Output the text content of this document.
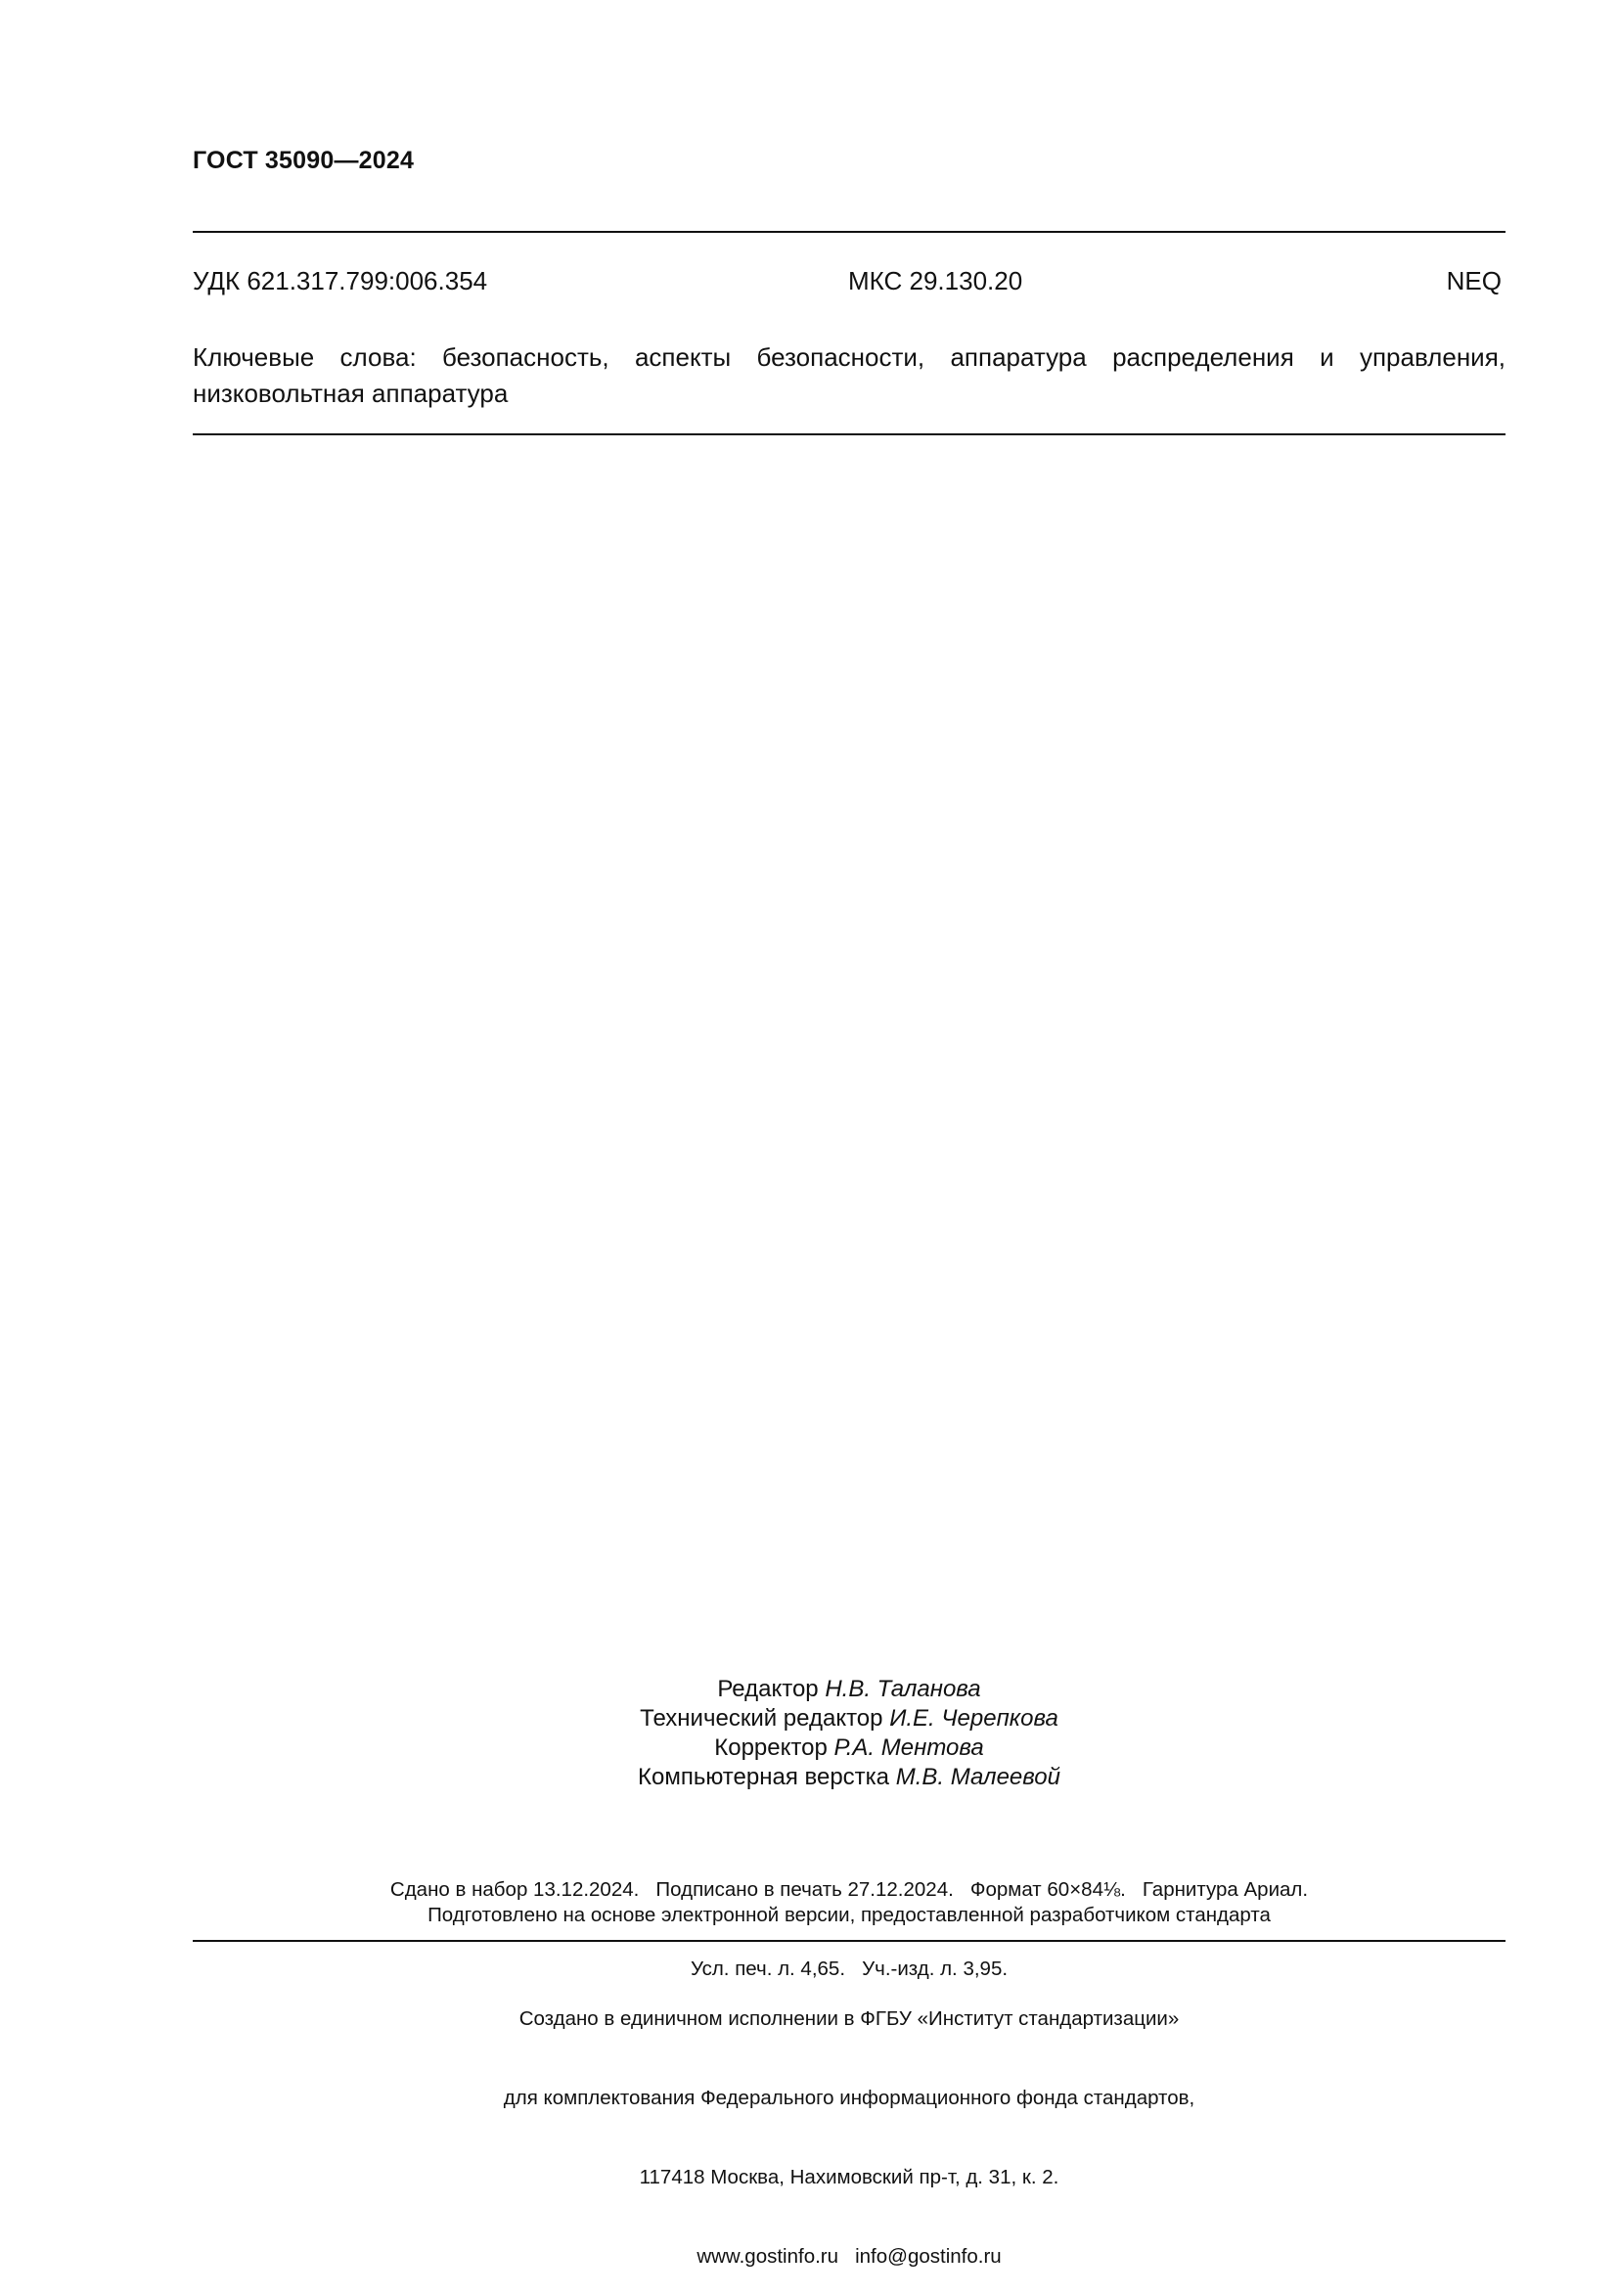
ГОСТ 35090—2024
УДК 621.317.799:006.354	МКС 29.130.20	NEQ
Ключевые слова: безопасность, аспекты безопасности, аппаратура распределения и управления, низковольтная аппаратура
Редактор Н.В. Таланова
Технический редактор И.Е. Черепкова
Корректор Р.А. Ментова
Компьютерная верстка М.В. Малеевой

Сдано в набор 13.12.2024.   Подписано в печать 27.12.2024.   Формат 60×84⅛.   Гарнитура Ариал.

Усл. печ. л. 4,65.   Уч.-изд. л. 3,95.

Подготовлено на основе электронной версии, предоставленной разработчиком стандарта

Создано в единичном исполнении в ФГБУ «Институт стандартизации»

для комплектования Федерального информационного фонда стандартов,

117418 Москва, Нахимовский пр-т, д. 31, к. 2.

www.gostinfo.ru   info@gostinfo.ru
